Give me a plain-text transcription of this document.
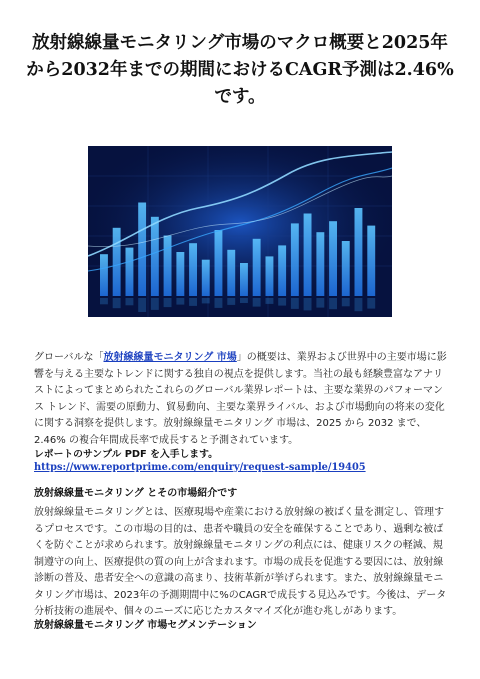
放射線線量モニタリング市場のマクロ概要と2025年から2032年までの期間におけるCAGR予測は2.46%です。

グローバルな「放射線線量モニタリング 市場」の概要は、業界および世界中の主要市場に影響を与える主要なトレンドに関する独自の視点を提供します。当社の最も経験豊富なアナリストによってまとめられたこれらのグローバル業界レポートは、主要な業界のパフォーマンス トレンド、需要の原動力、貿易動向、主要な業界ライバル、および市場動向の将来の変化に関する洞察を提供します。放射線線量モニタリング 市場は、2025 から 2032 まで、2.46% の複合年間成長率で成長すると予測されています。

レポートのサンプル PDF を入手します。 https://www.reportprime.com/enquiry/request-sample/19405

放射線線量モニタリング とその市場紹介です

放射線線量モニタリングとは、医療現場や産業における放射線の被ばく量を測定し、管理するプロセスです。この市場の目的は、患者や職員の安全を確保することであり、過剰な被ばくを防ぐことが求められます。放射線線量モニタリングの利点には、健康リスクの軽減、規制遵守の向上、医療提供の質の向上が含まれます。市場の成長を促進する要因には、放射線診断の普及、患者安全への意識の高まり、技術革新が挙げられます。また、放射線線量モニタリング市場は、2023年の予測期間中に%のCAGRで成長する見込みです。今後は、データ分析技術の進展や、個々のニーズに応じたカスタマイズ化が進む兆しがあります。

放射線線量モニタリング 市場セグメンテーション
